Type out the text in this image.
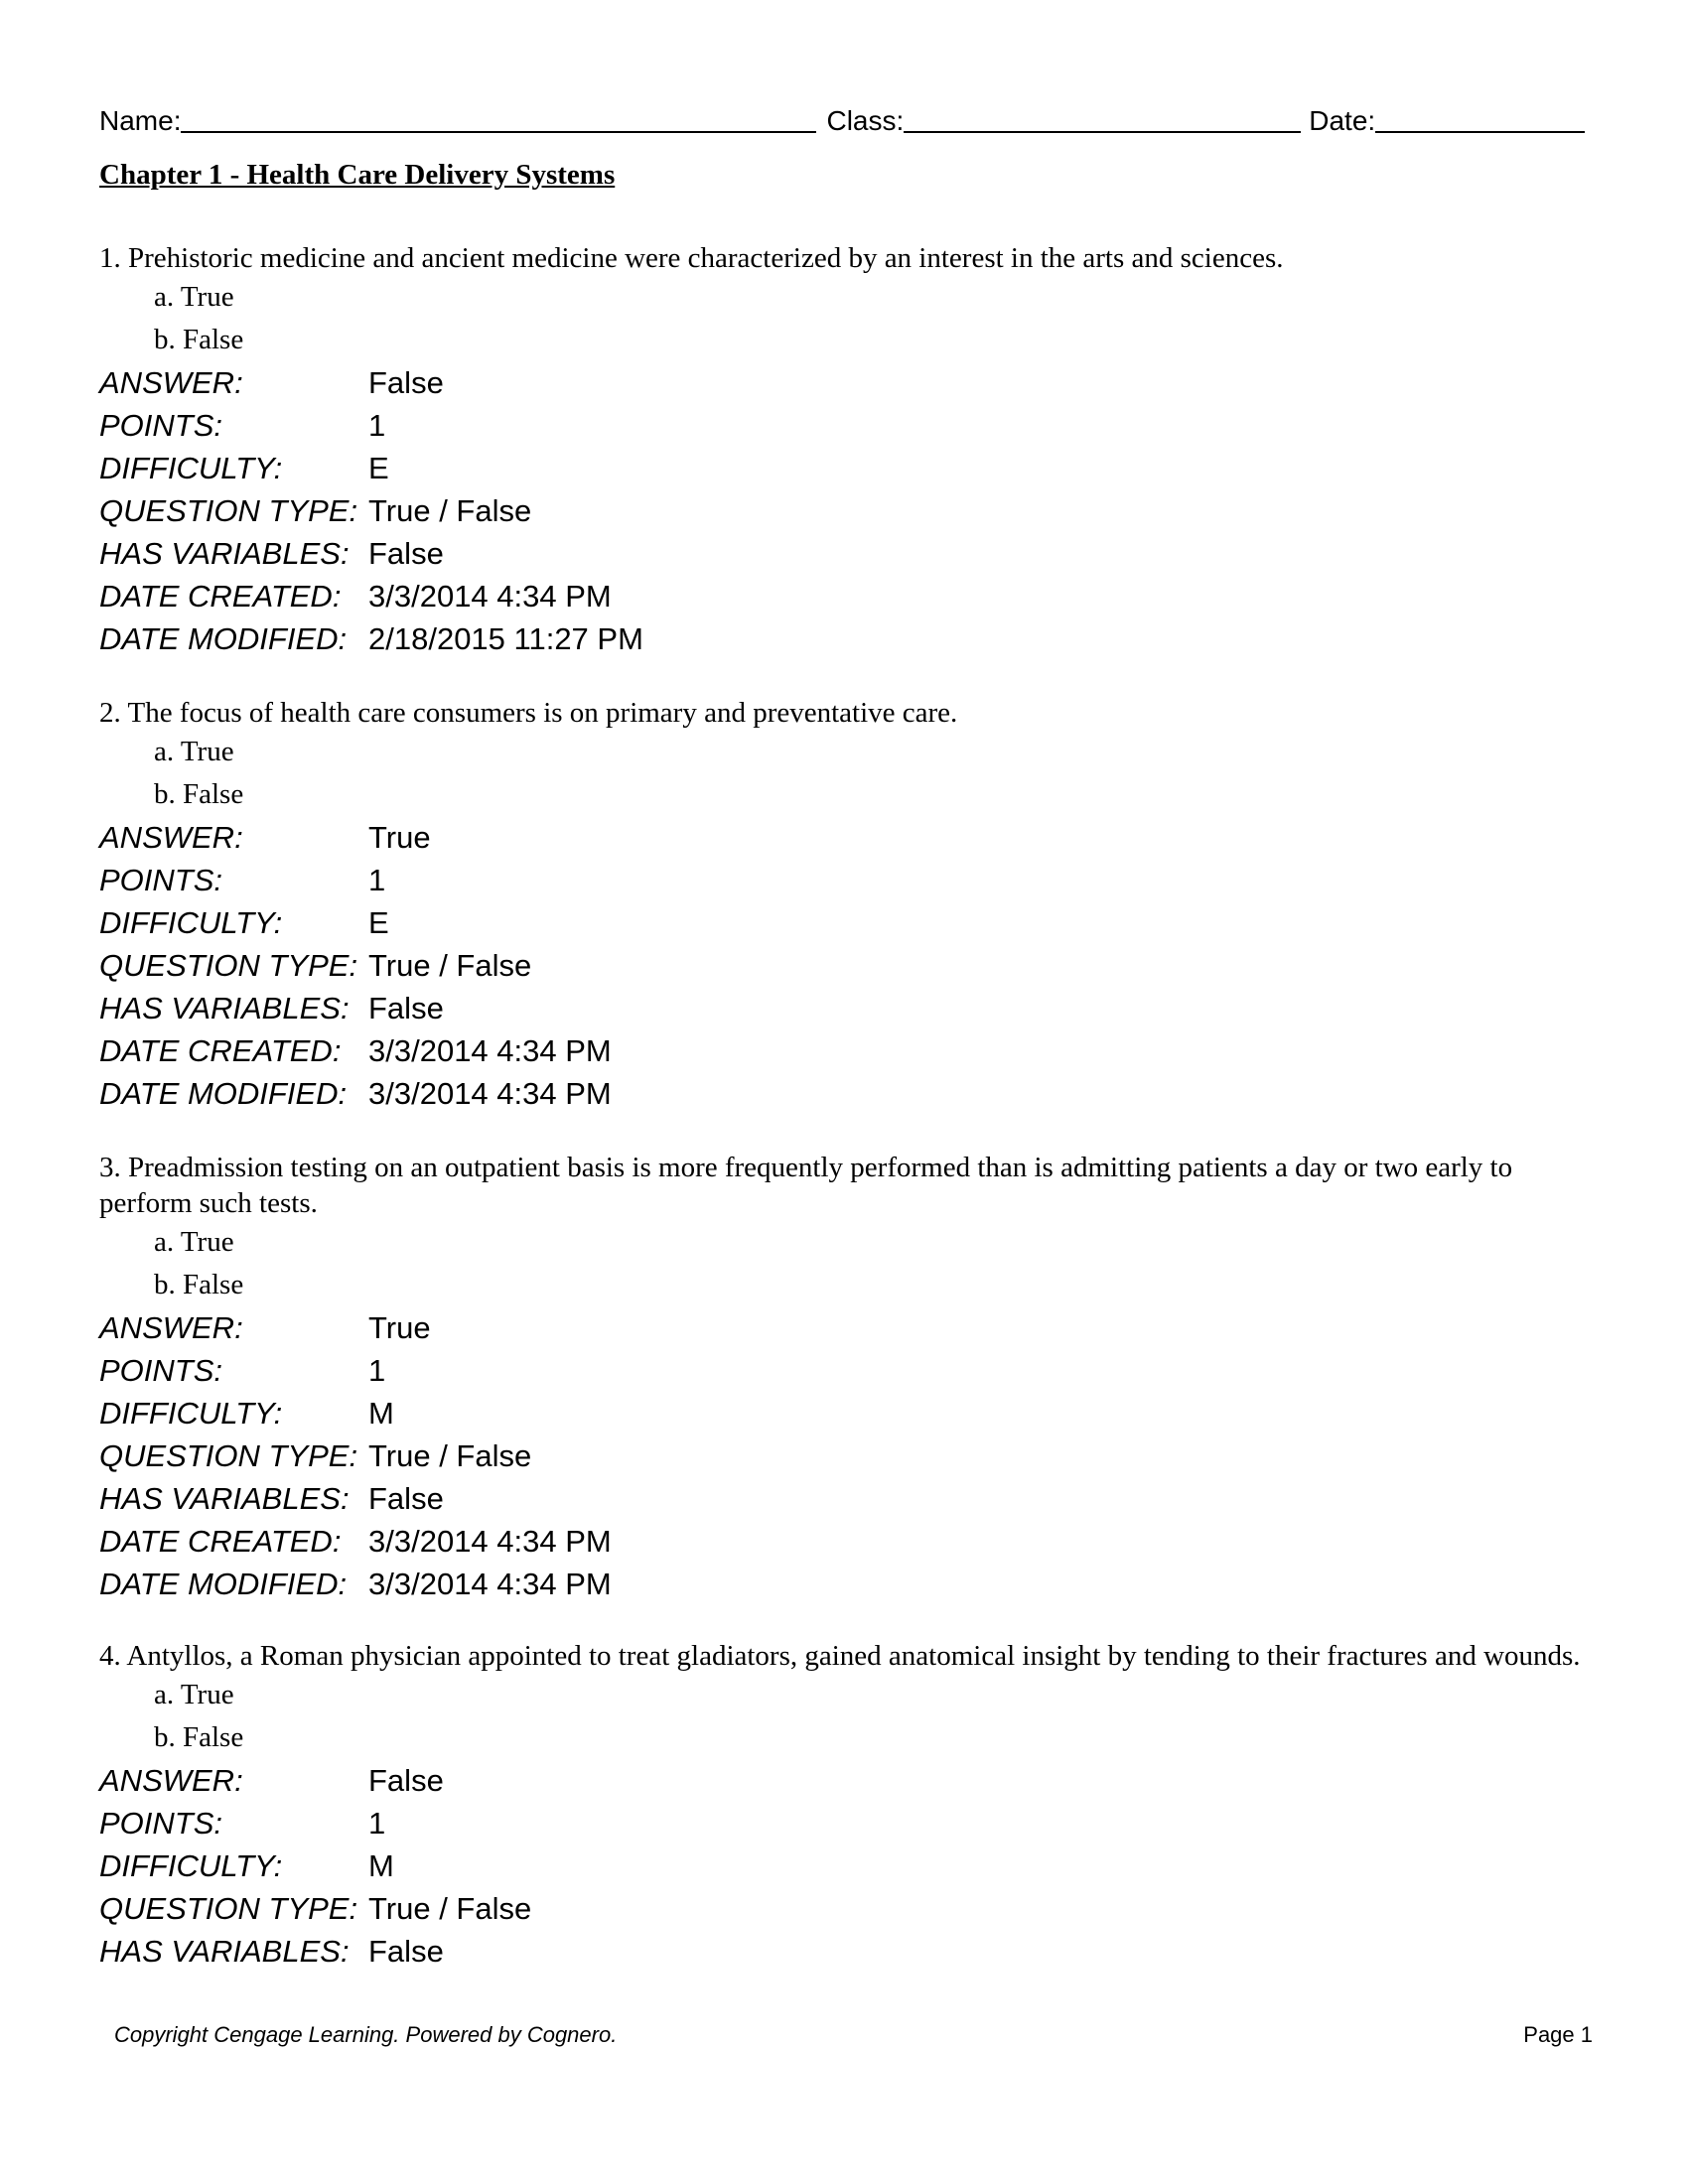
Name:	Class:	Date:
Chapter 1 - Health Care Delivery Systems
1. Prehistoric medicine and ancient medicine were characterized by an interest in the arts and sciences.
a. True
b. False
ANSWER:	False
POINTS:	1
DIFFICULTY:	E
QUESTION TYPE: True / False
HAS VARIABLES: False
DATE CREATED: 3/3/2014 4:34 PM
DATE MODIFIED: 2/18/2015 11:27 PM
2. The focus of health care consumers is on primary and preventative care.
a. True
b. False
ANSWER:	True
POINTS:	1
DIFFICULTY:	E
QUESTION TYPE: True / False
HAS VARIABLES: False
DATE CREATED: 3/3/2014 4:34 PM
DATE MODIFIED: 3/3/2014 4:34 PM
3. Preadmission testing on an outpatient basis is more frequently performed than is admitting patients a day or two early to perform such tests.
a. True
b. False
ANSWER:	True
POINTS:	1
DIFFICULTY:	M
QUESTION TYPE: True / False
HAS VARIABLES: False
DATE CREATED: 3/3/2014 4:34 PM
DATE MODIFIED: 3/3/2014 4:34 PM
4. Antyllos, a Roman physician appointed to treat gladiators, gained anatomical insight by tending to their fractures and wounds.
a. True
b. False
ANSWER:	False
POINTS:	1
DIFFICULTY:	M
QUESTION TYPE: True / False
HAS VARIABLES: False
Copyright Cengage Learning. Powered by Cognero.	Page 1
